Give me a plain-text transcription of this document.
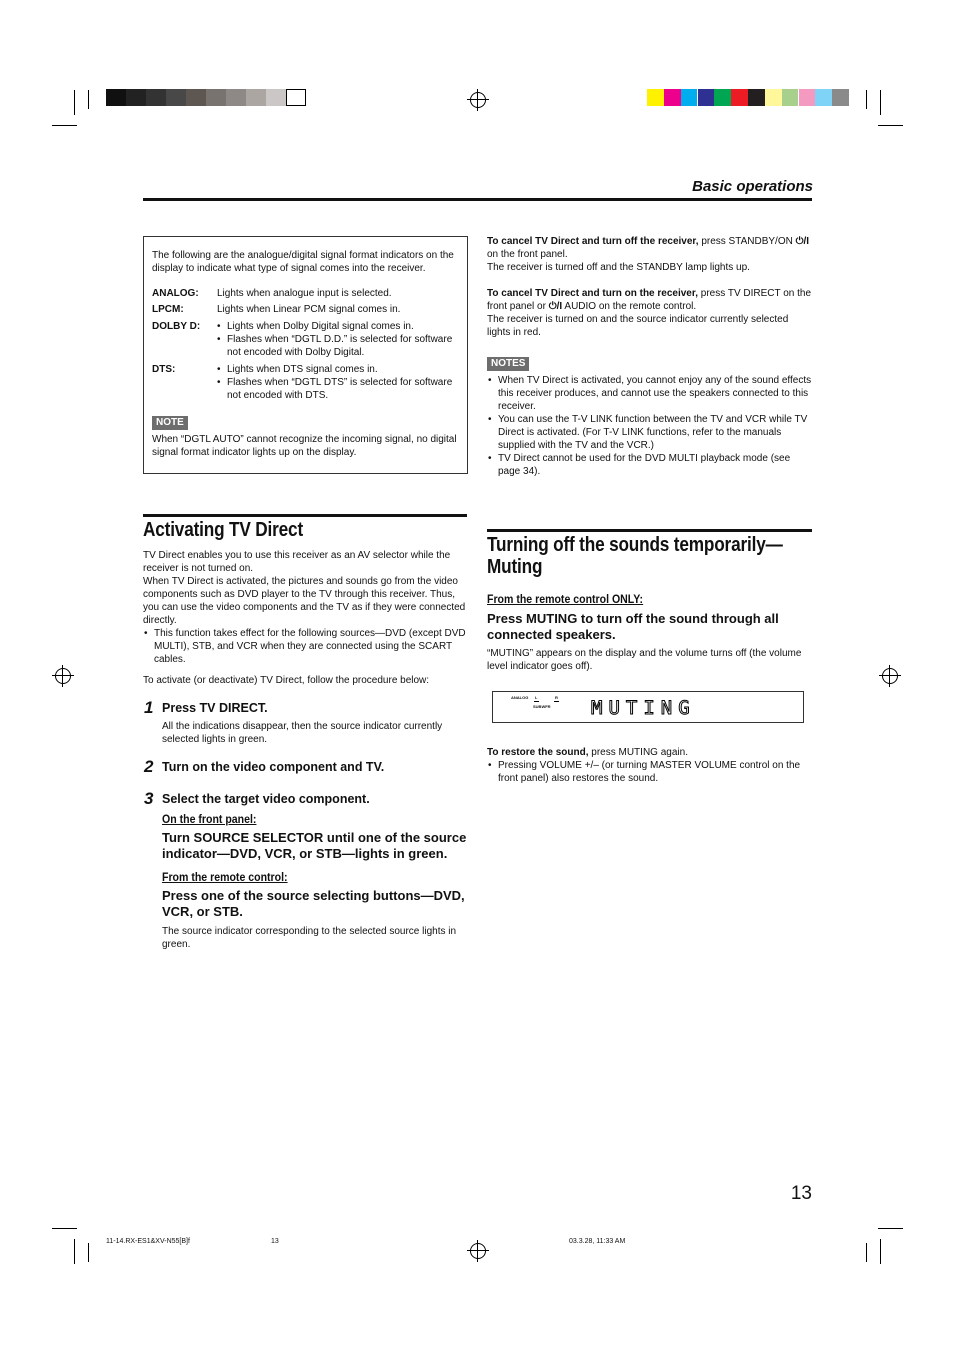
Basic operations
The following are the analogue/digital signal format indicators on the display to indicate what type of signal comes into the receiver.
ANALOG:	Lights when analogue input is selected.
LPCM:	Lights when Linear PCM signal comes in.
DOLBY D:	• Lights when Dolby Digital signal comes in.
• Flashes when “DGTL D.D.” is selected for software not encoded with Dolby Digital.
DTS:	• Lights when DTS signal comes in.
• Flashes when “DGTL DTS” is selected for software not encoded with DTS.
NOTE
When “DGTL AUTO” cannot recognize the incoming signal, no digital signal format indicator lights up on the display.
Activating TV Direct
TV Direct enables you to use this receiver as an AV selector while the receiver is not turned on.
When TV Direct is activated, the pictures and sounds go from the video components such as DVD player to the TV through this receiver. Thus, you can use the video components and the TV as if they were connected directly.
• This function takes effect for the following sources—DVD (except DVD MULTI), STB, and VCR when they are connected using the SCART cables.
To activate (or deactivate) TV Direct, follow the procedure below:
1 Press TV DIRECT.
All the indications disappear, then the source indicator currently selected lights in green.
2 Turn on the video component and TV.
3 Select the target video component.
On the front panel:
Turn SOURCE SELECTOR until one of the source indicator—DVD, VCR, or STB—lights in green.
From the remote control:
Press one of the source selecting buttons—DVD, VCR, or STB.
The source indicator corresponding to the selected source lights in green.
To cancel TV Direct and turn off the receiver, press STANDBY/ON ⏻/I on the front panel.
The receiver is turned off and the STANDBY lamp lights up.
To cancel TV Direct and turn on the receiver, press TV DIRECT on the front panel or ⏻/I AUDIO on the remote control.
The receiver is turned on and the source indicator currently selected lights in red.
NOTES
• When TV Direct is activated, you cannot enjoy any of the sound effects this receiver produces, and cannot use the speakers connected to this receiver.
• You can use the T-V LINK function between the TV and VCR while TV Direct is activated. (For T-V LINK functions, refer to the manuals supplied with the TV and the VCR.)
• TV Direct cannot be used for the DVD MULTI playback mode (see page 34).
Turning off the sounds temporarily—Muting
From the remote control ONLY:
Press MUTING to turn off the sound through all connected speakers.
“MUTING” appears on the display and the volume turns off (the volume level indicator goes off).
ANALOG L	R
SUBWFR MUTING
To restore the sound, press MUTING again.
• Pressing VOLUME +/– (or turning MASTER VOLUME control on the front panel) also restores the sound.
13
11-14.RX-ES1&XV-N55[B]f	13	03.3.28, 11:33 AM
